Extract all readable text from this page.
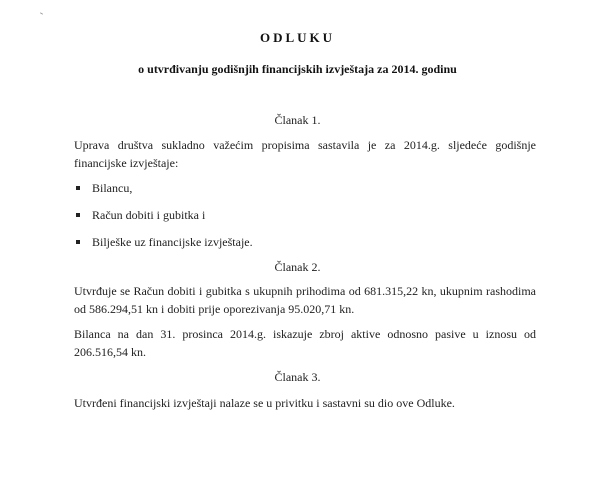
ODLUKU
o utvrđivanju godišnjih financijskih izvještaja za 2014. godinu
Članak 1.
Uprava društva sukladno važećim propisima sastavila je za 2014.g. sljedeće godišnje financijske izvještaje:
Bilancu,
Račun dobiti i gubitka i
Bilješke uz financijske izvještaje.
Članak 2.
Utvrđuje se Račun dobiti i gubitka s ukupnih prihodima od 681.315,22 kn, ukupnim rashodima od 586.294,51 kn i dobiti prije oporezivanja 95.020,71 kn.
Bilanca na dan 31. prosinca 2014.g. iskazuje zbroj aktive odnosno pasive u iznosu od 206.516,54 kn.
Članak 3.
Utvrđeni financijski izvještaji nalaze se u privitku i sastavni su dio ove Odluke.
